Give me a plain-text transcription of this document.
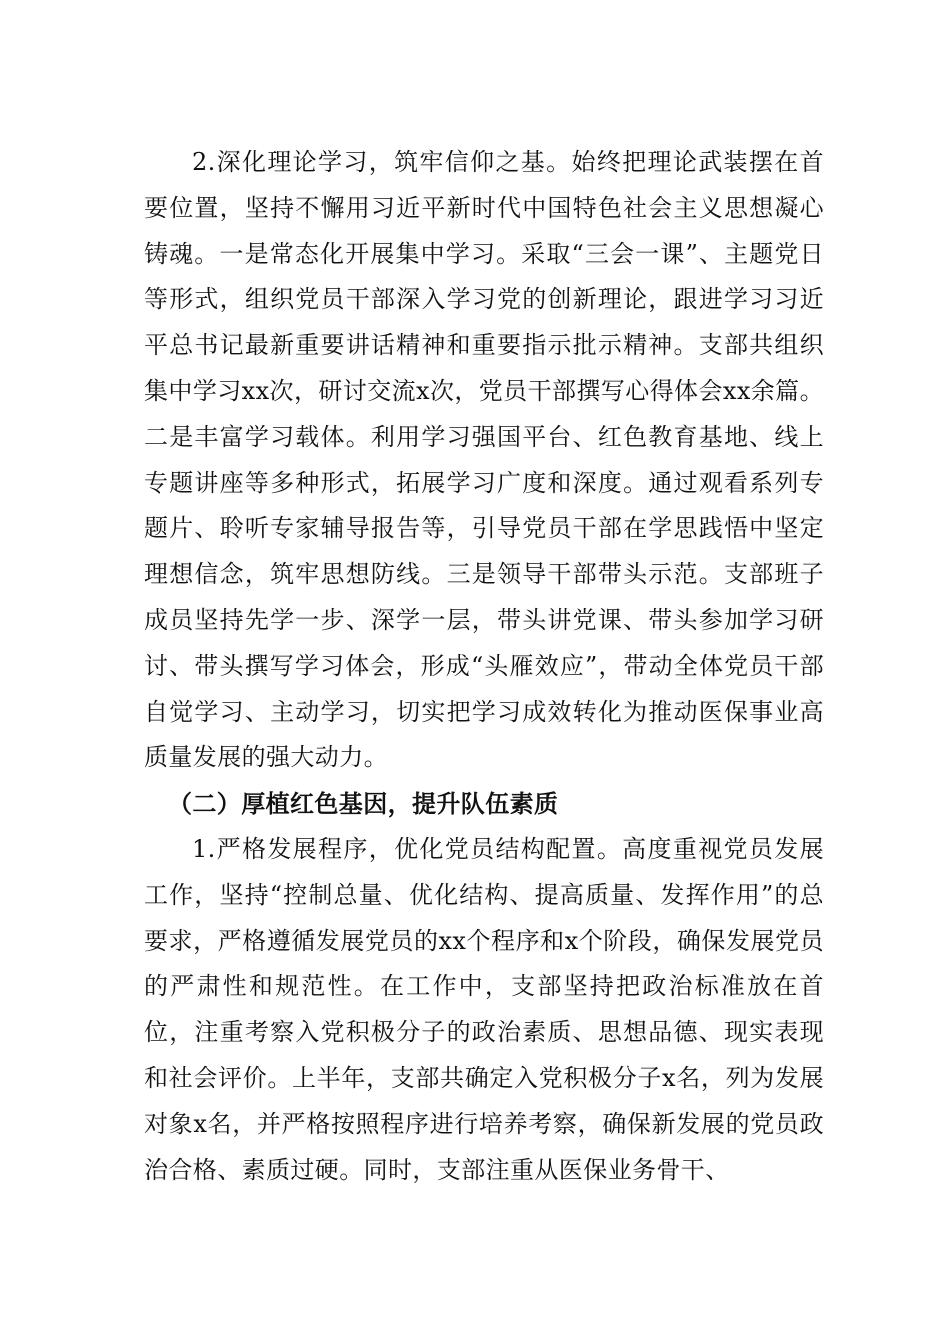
2.深化理论学习，筑牢信仰之基。始终把理论武装摆在首要位置，坚持不懈用习近平新时代中国特色社会主义思想凝心铸魂。一是常态化开展集中学习。采取“三会一课”、主题党日等形式，组织党员干部深入学习党的创新理论，跟进学习习近平总书记最新重要讲话精神和重要指示批示精神。支部共组织集中学习xx次，研讨交流x次，党员干部撰写心得体会xx余篇。二是丰富学习载体。利用学习强国平台、红色教育基地、线上专题讲座等多种形式，拓展学习广度和深度。通过观看系列专题片、聆听专家辅导报告等，引导党员干部在学思践悟中坚定理想信念，筑牢思想防线。三是领导干部带头示范。支部班子成员坚持先学一步、深学一层，带头讲党课、带头参加学习研讨、带头撰写学习体会，形成“头雁效应”，带动全体党员干部自觉学习、主动学习，切实把学习成效转化为推动医保事业高质量发展的强大动力。

（二）厚植红色基因，提升队伍素质

1.严格发展程序，优化党员结构配置。高度重视党员发展工作，坚持“控制总量、优化结构、提高质量、发挥作用”的总要求，严格遵循发展党员的xx个程序和x个阶段，确保发展党员的严肃性和规范性。在工作中，支部坚持把政治标准放在首位，注重考察入党积极分子的政治素质、思想品德、现实表现和社会评价。上半年，支部共确定入党积极分子x名，列为发展对象x名，并严格按照程序进行培养考察，确保新发展的党员政治合格、素质过硬。同时，支部注重从医保业务骨干、
